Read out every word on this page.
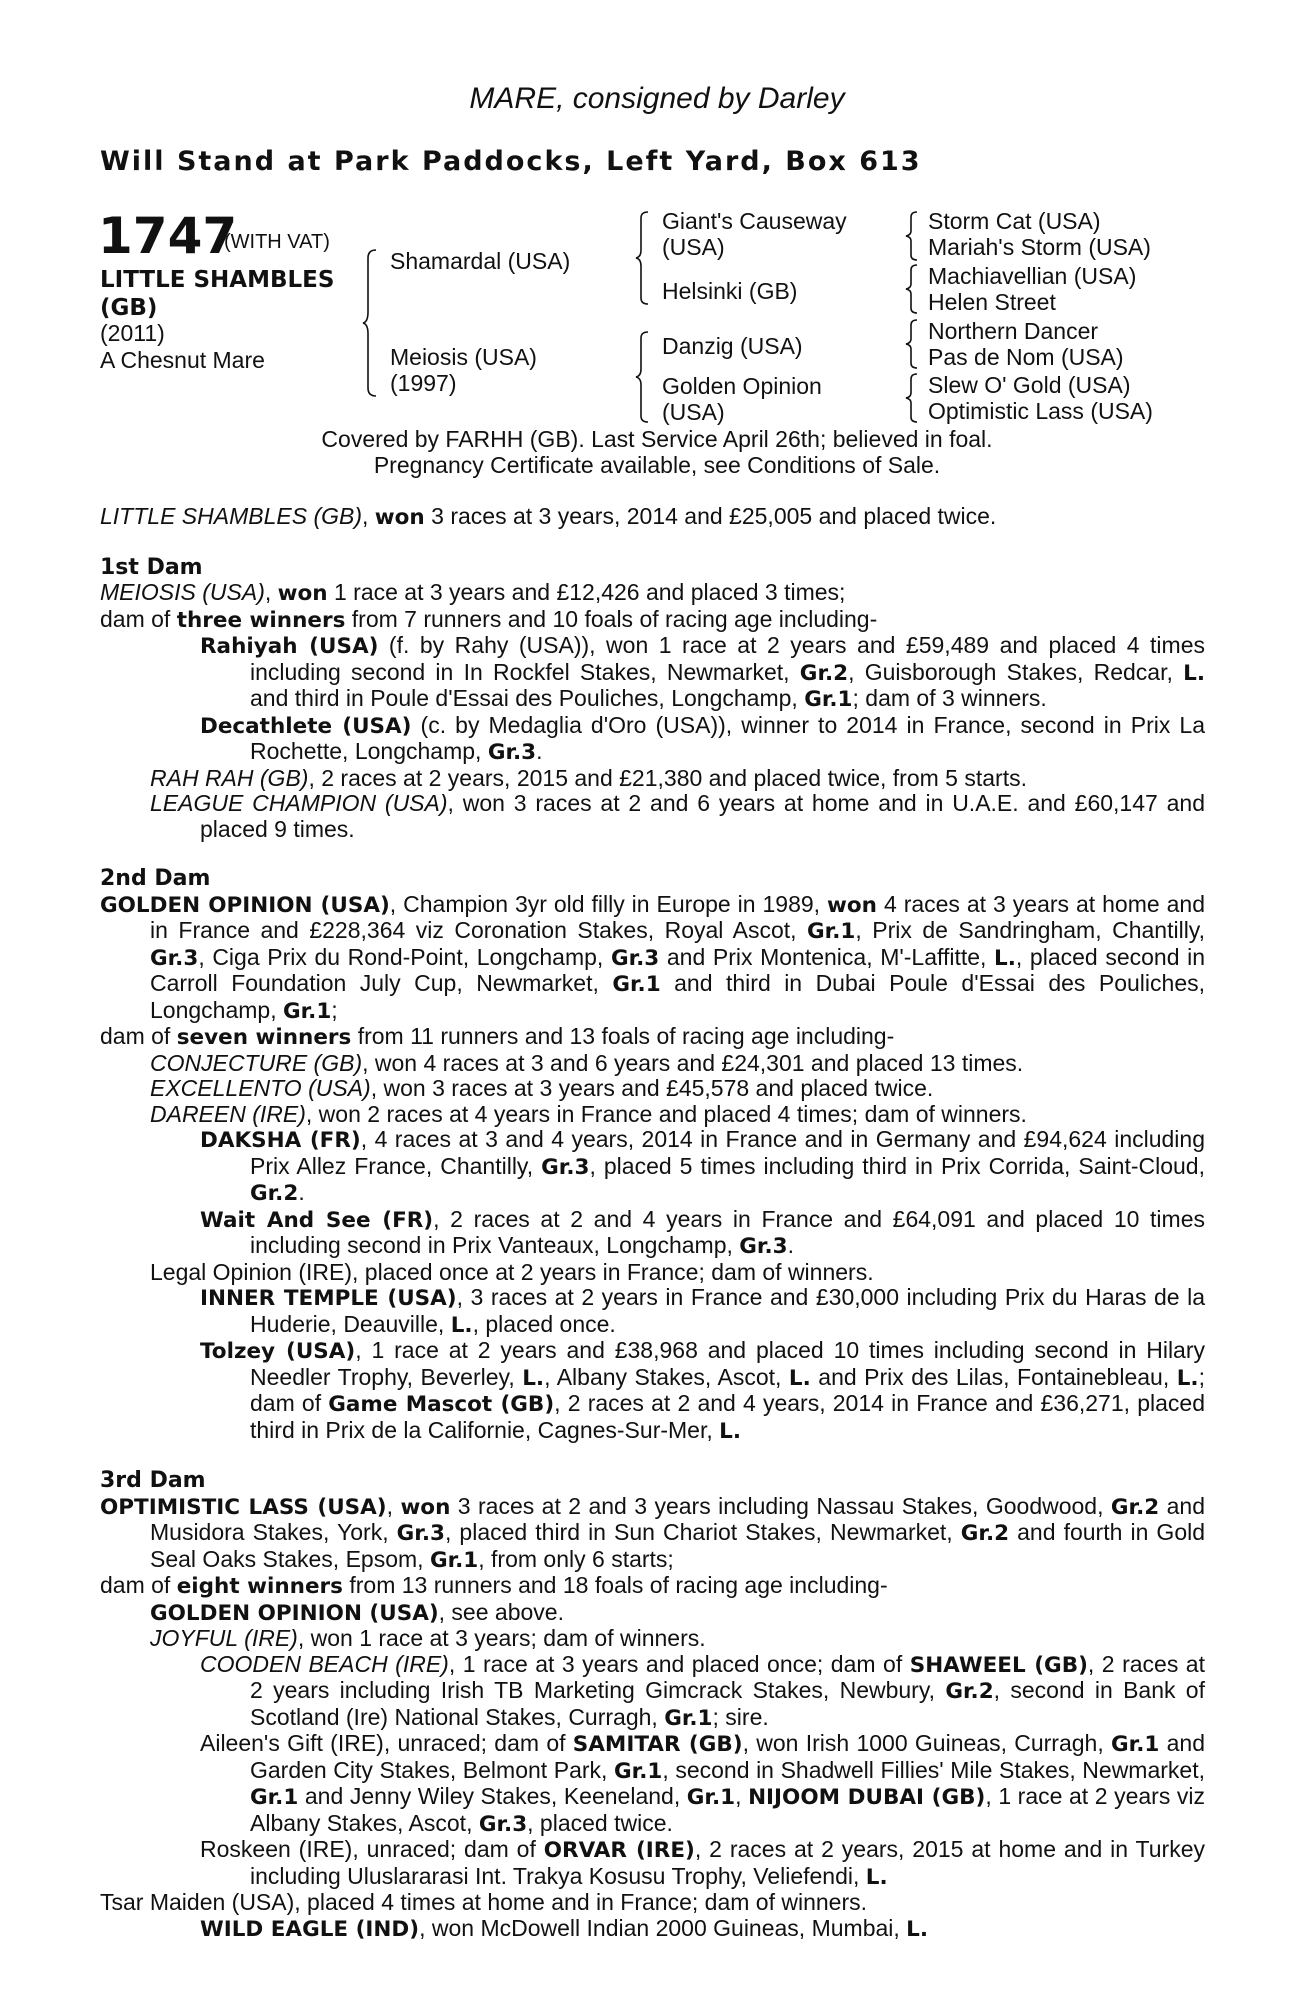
MARE, consigned by Darley
Will Stand at Park Paddocks, Left Yard, Box 613
1747
(WITH VAT)
LITTLE SHAMBLES
(GB)
(2011)
A Chesnut Mare
Shamardal (USA)
Meiosis (USA)
(1997)
Giant's Causeway
(USA)
Helsinki (GB)
Danzig (USA)
Golden Opinion
(USA)
Storm Cat (USA)
Mariah's Storm (USA)
Machiavellian (USA)
Helen Street
Northern Dancer
Pas de Nom (USA)
Slew O' Gold (USA)
Optimistic Lass (USA)
Covered by FARHH (GB). Last Service April 26th; believed in foal.
Pregnancy Certificate available, see Conditions of Sale.

LITTLE SHAMBLES (GB), won 3 races at 3 years, 2014 and £25,005 and placed twice.

1st Dam

MEIOSIS (USA), won 1 race at 3 years and £12,426 and placed 3 times;

dam of three winners from 7 runners and 10 foals of racing age including-

Rahiyah (USA) (f. by Rahy (USA)), won 1 race at 2 years and £59,489 and placed 4 times including second in In Rockfel Stakes, Newmarket, Gr.2, Guisborough Stakes, Redcar, L. and third in Poule d'Essai des Pouliches, Longchamp, Gr.1; dam of 3 winners.

Decathlete (USA) (c. by Medaglia d'Oro (USA)), winner to 2014 in France, second in Prix La Rochette, Longchamp, Gr.3.

RAH RAH (GB), 2 races at 2 years, 2015 and £21,380 and placed twice, from 5 starts.

LEAGUE CHAMPION (USA), won 3 races at 2 and 6 years at home and in U.A.E. and £60,147 and placed 9 times.

2nd Dam

GOLDEN OPINION (USA), Champion 3yr old filly in Europe in 1989, won 4 races at 3 years at home and in France and £228,364 viz Coronation Stakes, Royal Ascot, Gr.1, Prix de Sandringham, Chantilly, Gr.3, Ciga Prix du Rond-Point, Longchamp, Gr.3 and Prix Montenica, M'-Laffitte, L., placed second in Carroll Foundation July Cup, Newmarket, Gr.1 and third in Dubai Poule d'Essai des Pouliches, Longchamp, Gr.1;

dam of seven winners from 11 runners and 13 foals of racing age including-

CONJECTURE (GB), won 4 races at 3 and 6 years and £24,301 and placed 13 times.

EXCELLENTO (USA), won 3 races at 3 years and £45,578 and placed twice.

DAREEN (IRE), won 2 races at 4 years in France and placed 4 times; dam of winners.

DAKSHA (FR), 4 races at 3 and 4 years, 2014 in France and in Germany and £94,624 including Prix Allez France, Chantilly, Gr.3, placed 5 times including third in Prix Corrida, Saint-Cloud, Gr.2.

Wait And See (FR), 2 races at 2 and 4 years in France and £64,091 and placed 10 times including second in Prix Vanteaux, Longchamp, Gr.3.

Legal Opinion (IRE), placed once at 2 years in France; dam of winners.

INNER TEMPLE (USA), 3 races at 2 years in France and £30,000 including Prix du Haras de la Huderie, Deauville, L., placed once.

Tolzey (USA), 1 race at 2 years and £38,968 and placed 10 times including second in Hilary Needler Trophy, Beverley, L., Albany Stakes, Ascot, L. and Prix des Lilas, Fontainebleau, L.; dam of Game Mascot (GB), 2 races at 2 and 4 years, 2014 in France and £36,271, placed third in Prix de la Californie, Cagnes-Sur-Mer, L.

3rd Dam

OPTIMISTIC LASS (USA), won 3 races at 2 and 3 years including Nassau Stakes, Goodwood, Gr.2 and Musidora Stakes, York, Gr.3, placed third in Sun Chariot Stakes, Newmarket, Gr.2 and fourth in Gold Seal Oaks Stakes, Epsom, Gr.1, from only 6 starts;

dam of eight winners from 13 runners and 18 foals of racing age including-

GOLDEN OPINION (USA), see above.

JOYFUL (IRE), won 1 race at 3 years; dam of winners.

COODEN BEACH (IRE), 1 race at 3 years and placed once; dam of SHAWEEL (GB), 2 races at 2 years including Irish TB Marketing Gimcrack Stakes, Newbury, Gr.2, second in Bank of Scotland (Ire) National Stakes, Curragh, Gr.1; sire.

Aileen's Gift (IRE), unraced; dam of SAMITAR (GB), won Irish 1000 Guineas, Curragh, Gr.1 and Garden City Stakes, Belmont Park, Gr.1, second in Shadwell Fillies' Mile Stakes, Newmarket, Gr.1 and Jenny Wiley Stakes, Keeneland, Gr.1, NIJOOM DUBAI (GB), 1 race at 2 years viz Albany Stakes, Ascot, Gr.3, placed twice.

Roskeen (IRE), unraced; dam of ORVAR (IRE), 2 races at 2 years, 2015 at home and in Turkey including Uluslararasi Int. Trakya Kosusu Trophy, Veliefendi, L.

Tsar Maiden (USA), placed 4 times at home and in France; dam of winners.

WILD EAGLE (IND), won McDowell Indian 2000 Guineas, Mumbai, L.
